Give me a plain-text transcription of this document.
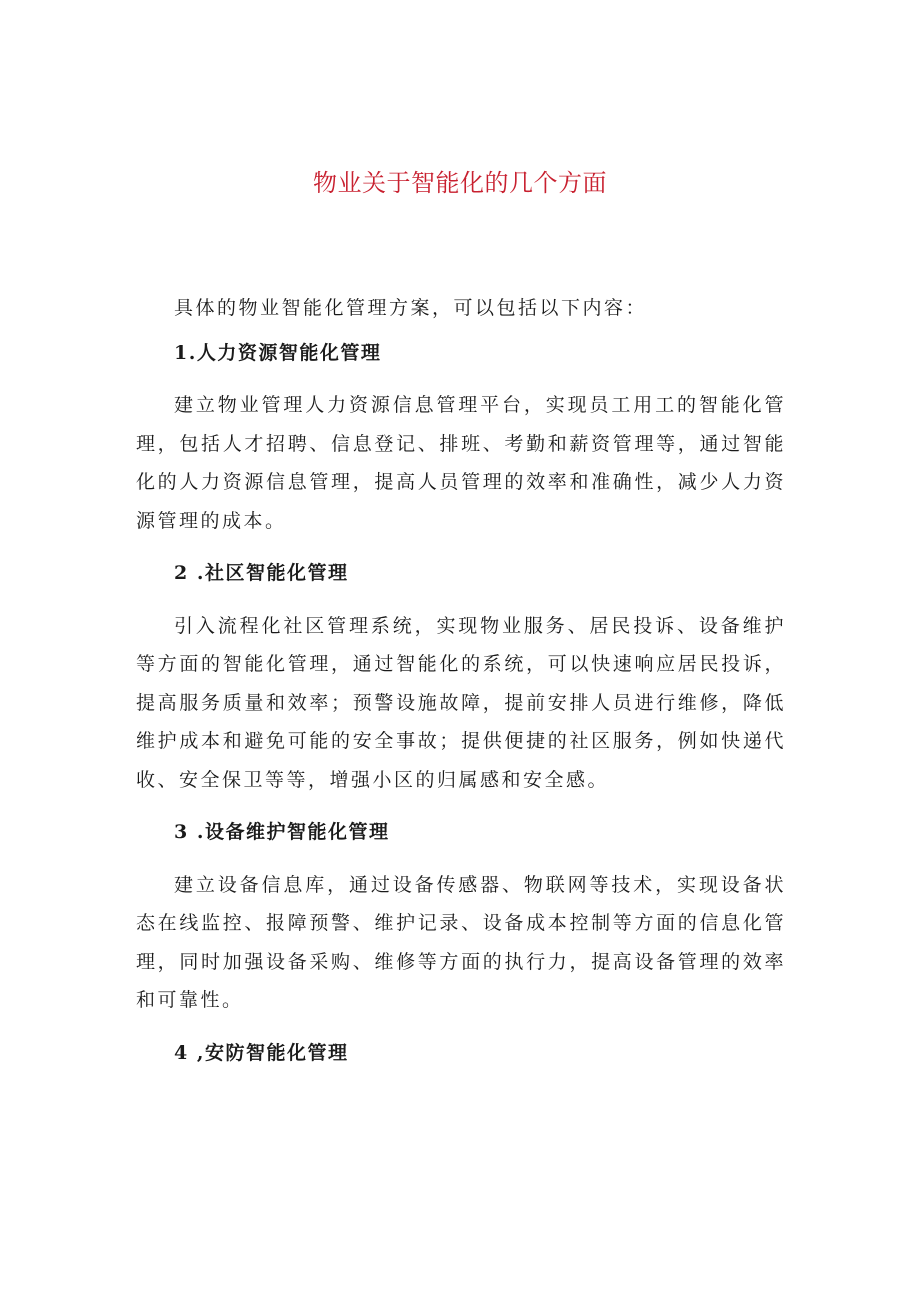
物业关于智能化的几个方面

具体的物业智能化管理方案，可以包括以下内容：

1.人力资源智能化管理

建立物业管理人力资源信息管理平台，实现员工用工的智能化管理，包括人才招聘、信息登记、排班、考勤和薪资管理等，通过智能化的人力资源信息管理，提高人员管理的效率和准确性，减少人力资源管理的成本。

2 .社区智能化管理

引入流程化社区管理系统，实现物业服务、居民投诉、设备维护等方面的智能化管理，通过智能化的系统，可以快速响应居民投诉，提高服务质量和效率；预警设施故障，提前安排人员进行维修，降低维护成本和避免可能的安全事故；提供便捷的社区服务，例如快递代收、安全保卫等等，增强小区的归属感和安全感。

3 .设备维护智能化管理

建立设备信息库，通过设备传感器、物联网等技术，实现设备状态在线监控、报障预警、维护记录、设备成本控制等方面的信息化管理，同时加强设备采购、维修等方面的执行力，提高设备管理的效率和可靠性。

4 ,安防智能化管理
